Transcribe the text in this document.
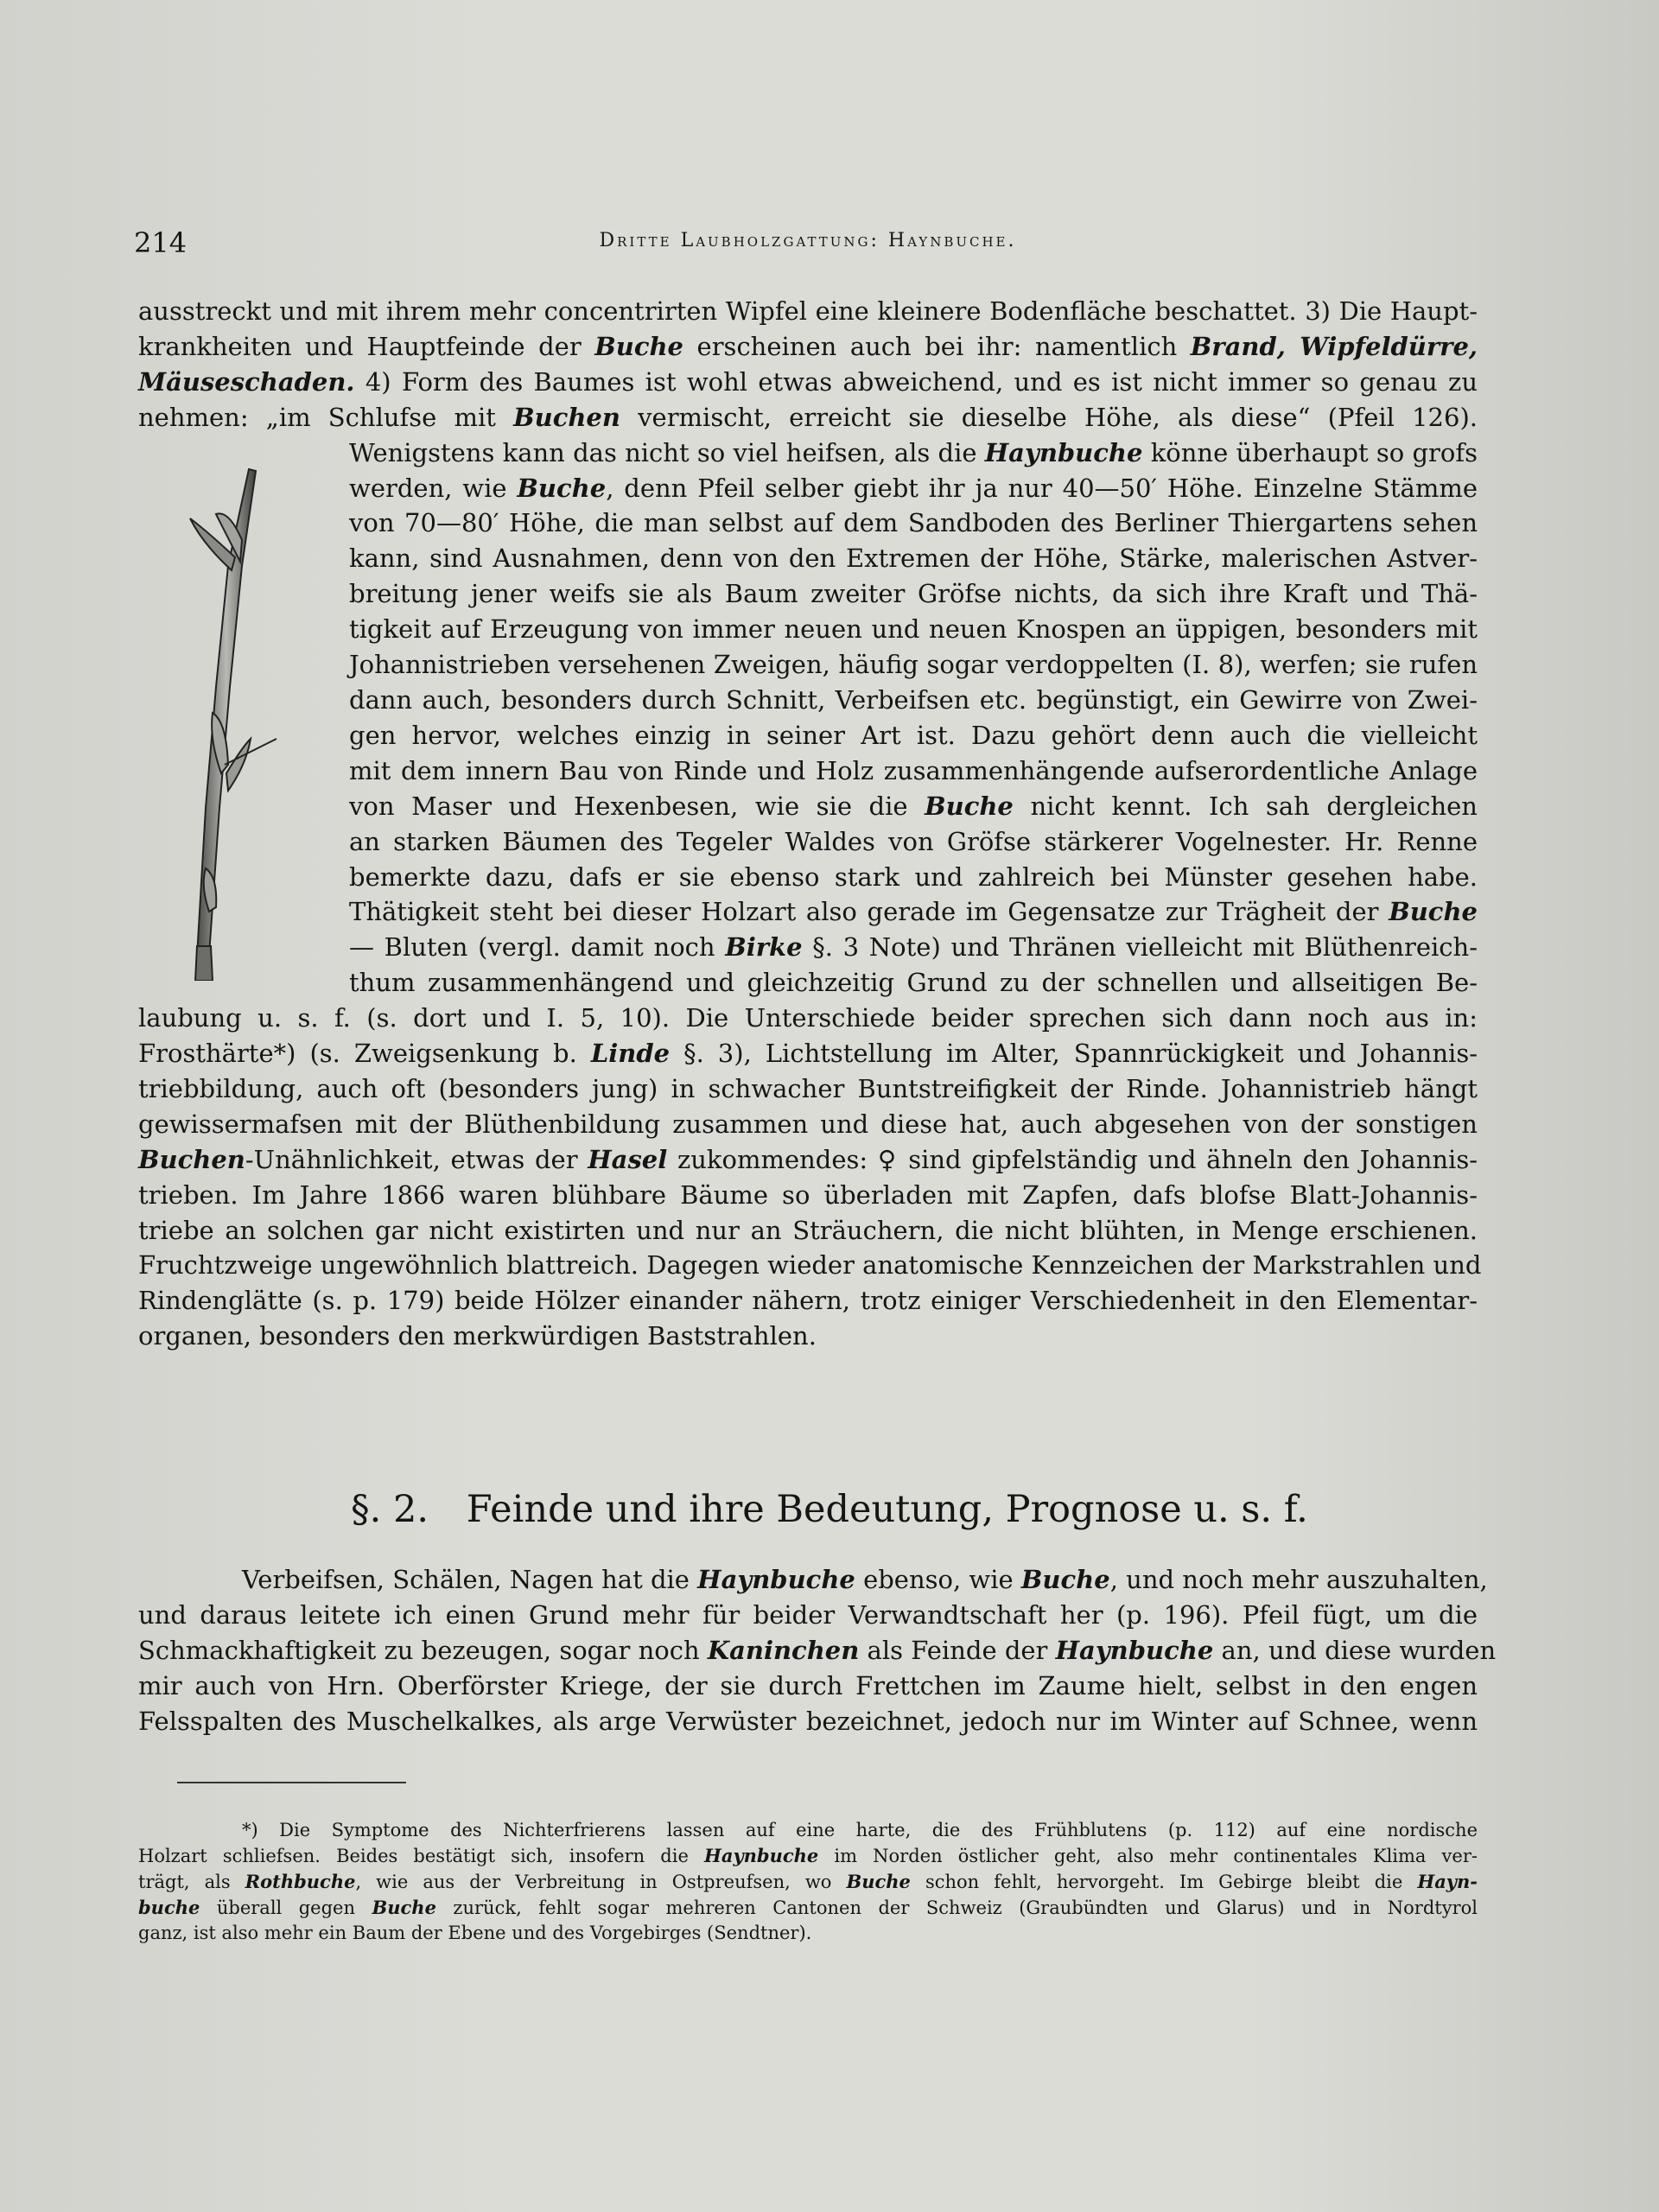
214	Dritte Laubholzgattung: Haynbuche.
ausstreckt und mit ihrem mehr concentrirten Wipfel eine kleinere Bodenfläche beschattet. 3) Die Haupt-
krankheiten und Hauptfeinde der Buche erscheinen auch bei ihr: namentlich Brand, Wipfeldürre,
Mäuseschaden. 4) Form des Baumes ist wohl etwas abweichend, und es ist nicht immer so genau zu
nehmen: „im Schlufse mit Buchen vermischt, erreicht sie dieselbe Höhe, als diese“ (Pfeil 126).
Wenigstens kann das nicht so viel heifsen, als die Haynbuche könne überhaupt so grofs
werden, wie Buche, denn Pfeil selber giebt ihr ja nur 40—50′ Höhe. Einzelne Stämme
von 70—80′ Höhe, die man selbst auf dem Sandboden des Berliner Thiergartens sehen
kann, sind Ausnahmen, denn von den Extremen der Höhe, Stärke, malerischen Astver-
breitung jener weifs sie als Baum zweiter Gröfse nichts, da sich ihre Kraft und Thä-
tigkeit auf Erzeugung von immer neuen und neuen Knospen an üppigen, besonders mit
Johannistrieben versehenen Zweigen, häufig sogar verdoppelten (I. 8), werfen; sie rufen
dann auch, besonders durch Schnitt, Verbeifsen etc. begünstigt, ein Gewirre von Zwei-
gen hervor, welches einzig in seiner Art ist. Dazu gehört denn auch die vielleicht
mit dem innern Bau von Rinde und Holz zusammenhängende aufserordentliche Anlage
von Maser und Hexenbesen, wie sie die Buche nicht kennt. Ich sah dergleichen
an starken Bäumen des Tegeler Waldes von Gröfse stärkerer Vogelnester. Hr. Renne
bemerkte dazu, dafs er sie ebenso stark und zahlreich bei Münster gesehen habe.
Thätigkeit steht bei dieser Holzart also gerade im Gegensatze zur Trägheit der Buche
— Bluten (vergl. damit noch Birke §. 3 Note) und Thränen vielleicht mit Blüthenreich-
thum zusammenhängend und gleichzeitig Grund zu der schnellen und allseitigen Be-
laubung u. s. f. (s. dort und I. 5, 10). Die Unterschiede beider sprechen sich dann noch aus in:
Frosthärte*) (s. Zweigsenkung b. Linde §. 3), Lichtstellung im Alter, Spannrückigkeit und Johannis-
triebbildung, auch oft (besonders jung) in schwacher Buntstreifigkeit der Rinde. Johannistrieb hängt
gewissermafsen mit der Blüthenbildung zusammen und diese hat, auch abgesehen von der sonstigen
Buchen-Unähnlichkeit, etwas der Hasel zukommendes: ♀ sind gipfelständig und ähneln den Johannis-
trieben. Im Jahre 1866 waren blühbare Bäume so überladen mit Zapfen, dafs blofse Blatt-Johannis-
triebe an solchen gar nicht existirten und nur an Sträuchern, die nicht blühten, in Menge erschienen.
Fruchtzweige ungewöhnlich blattreich. Dagegen wieder anatomische Kennzeichen der Markstrahlen und
Rindenglätte (s. p. 179) beide Hölzer einander nähern, trotz einiger Verschiedenheit in den Elementar-
organen, besonders den merkwürdigen Baststrahlen.
§. 2. Feinde und ihre Bedeutung, Prognose u. s. f.
Verbeifsen, Schälen, Nagen hat die Haynbuche ebenso, wie Buche, und noch mehr auszuhalten,
und daraus leitete ich einen Grund mehr für beider Verwandtschaft her (p. 196). Pfeil fügt, um die
Schmackhaftigkeit zu bezeugen, sogar noch Kaninchen als Feinde der Haynbuche an, und diese wurden
mir auch von Hrn. Oberförster Kriege, der sie durch Frettchen im Zaume hielt, selbst in den engen
Felsspalten des Muschelkalkes, als arge Verwüster bezeichnet, jedoch nur im Winter auf Schnee, wenn
*) Die Symptome des Nichterfrierens lassen auf eine harte, die des Frühblutens (p. 112) auf eine nordische
Holzart schliefsen. Beides bestätigt sich, insofern die Haynbuche im Norden östlicher geht, also mehr continentales Klima ver-
trägt, als Rothbuche, wie aus der Verbreitung in Ostpreufsen, wo Buche schon fehlt, hervorgeht. Im Gebirge bleibt die Hayn-
buche überall gegen Buche zurück, fehlt sogar mehreren Cantonen der Schweiz (Graubündten und Glarus) und in Nordtyrol
ganz, ist also mehr ein Baum der Ebene und des Vorgebirges (Sendtner).
